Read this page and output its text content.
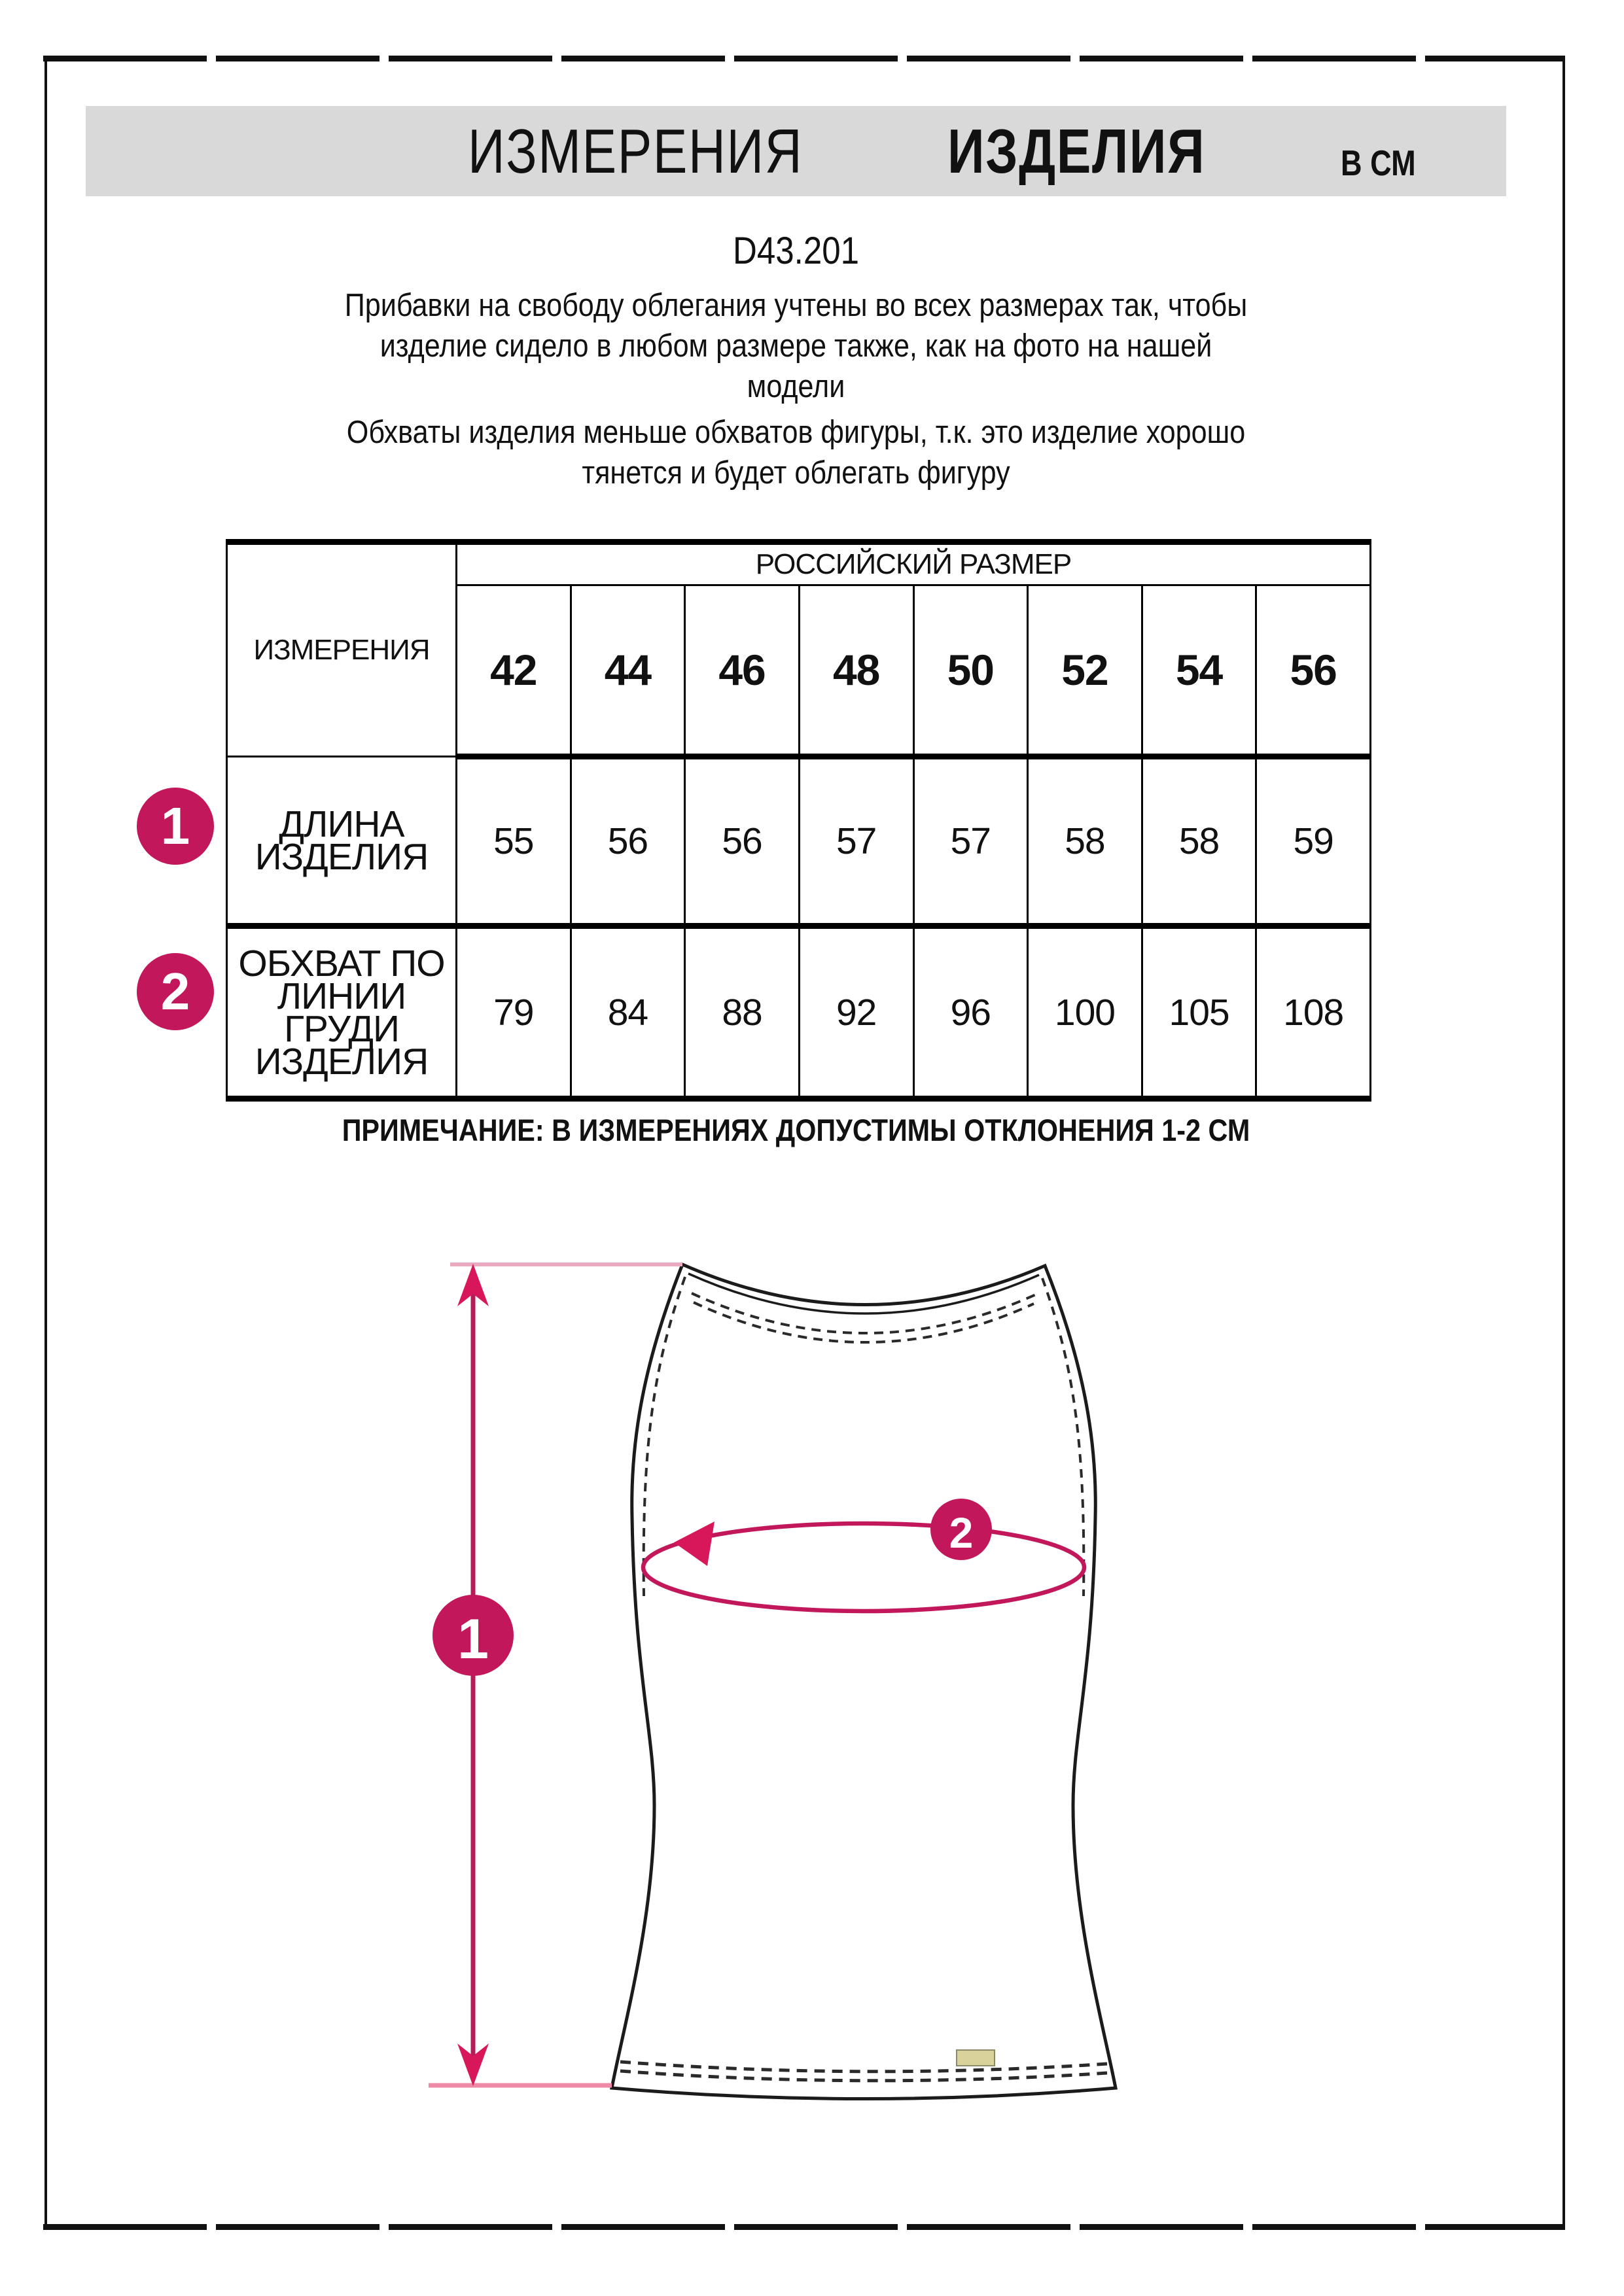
ИЗМЕРЕНИЯ ИЗДЕЛИЯ	В СМ
D43.201
Прибавки на свободу облегания учтены во всех размерах так, чтобы
изделие сидело в любом размере также, как на фото на нашей
модели
Обхваты изделия меньше обхватов фигуры, т.к. это изделие хорошо
тянется и будет облегать фигуру
ИЗМЕРЕНИЯ	РОССИЙСКИЙ РАЗМЕР							
	42	44	46	48	50	52	54	56

ДЛИНА
ИЗДЕЛИЯ	55	56	56	57	57	58	58	59

ОБХВАТ ПО
ЛИНИИ ГРУДИ
ИЗДЕЛИЯ	79	84	88	92	96	100	105	108
1
2
ПРИМЕЧАНИЕ: В ИЗМЕРЕНИЯХ ДОПУСТИМЫ ОТКЛОНЕНИЯ 1-2 СМ
1
2
